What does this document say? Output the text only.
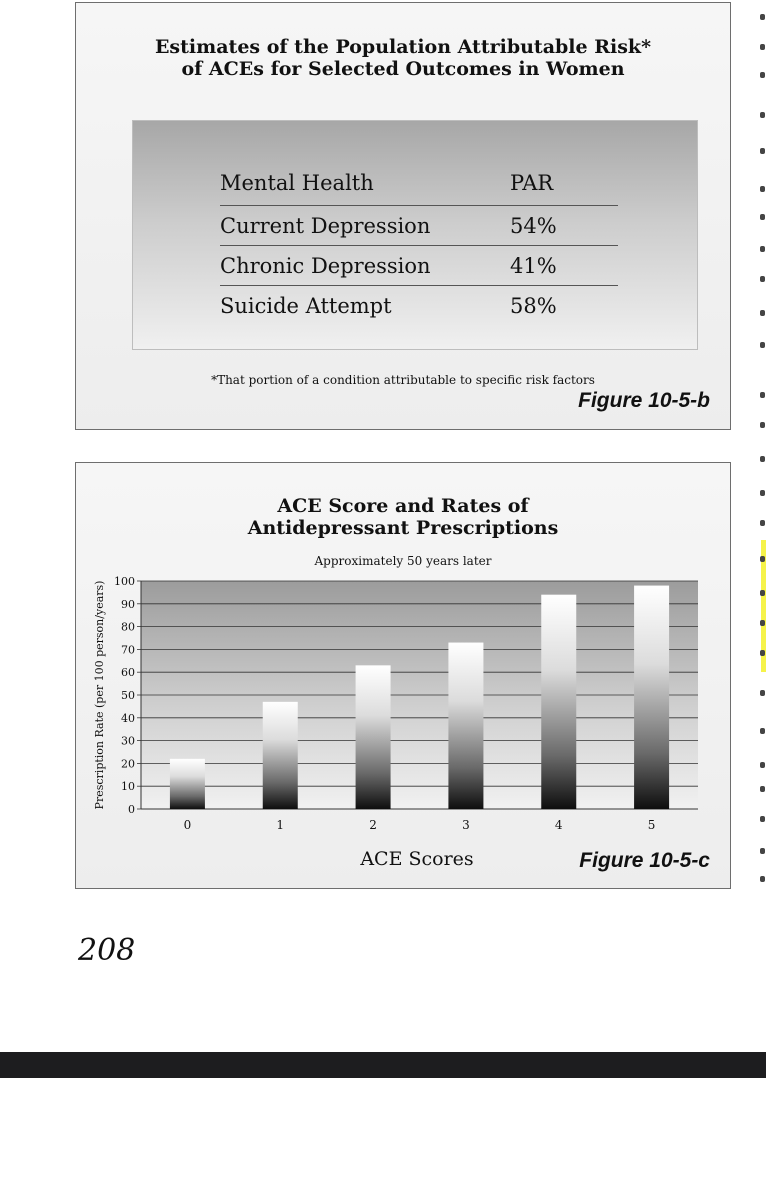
Estimates of the Population Attributable Risk*
of ACEs for Selected Outcomes in Women
Mental Health	PAR
Current Depression	54%
Chronic Depression	41%
Suicide Attempt	58%
*That portion of a condition attributable to specific risk factors
Figure 10-5-b
ACE Score and Rates of
Antidepressant Prescriptions
Approximately 50 years later
0
10
20
30
40
50
60
70
80
90
100
0	1	2	3	4	5
ACE Scores
Prescription Rate (per 100 person/years)
Figure 10-5-c
208
